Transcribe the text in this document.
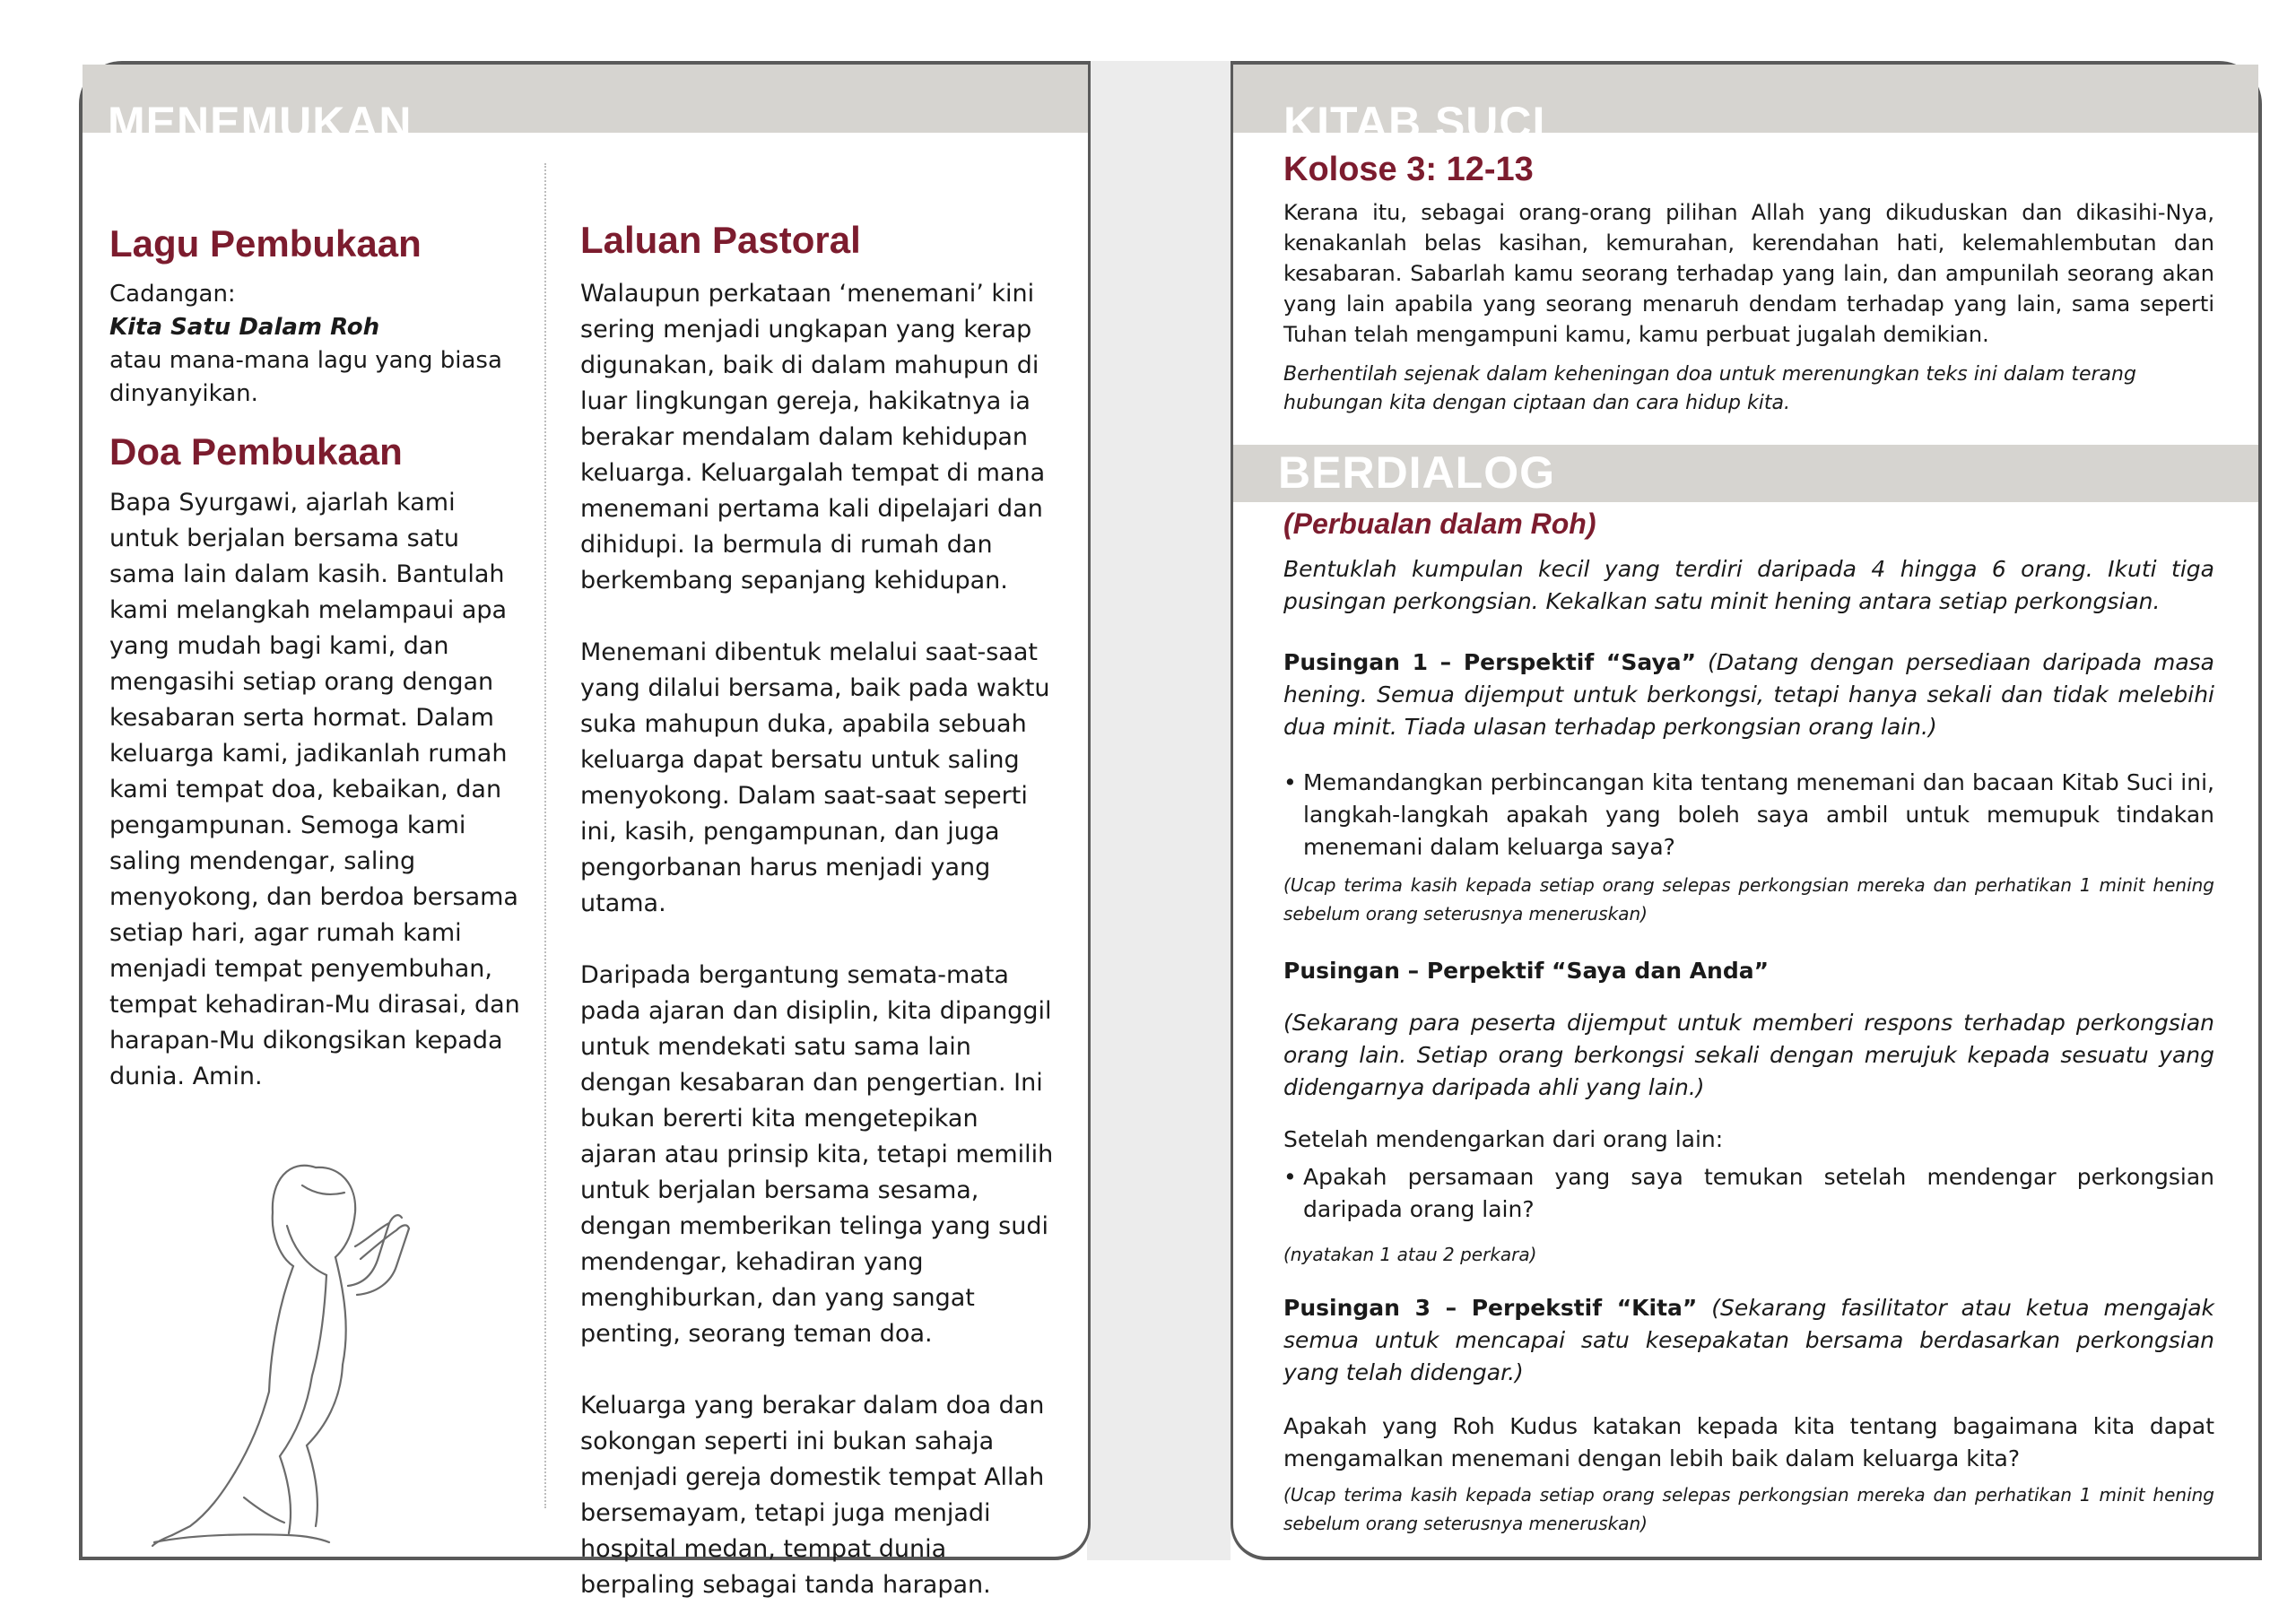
MENEMUKAN
Lagu Pembukaan
Cadangan:
Kita Satu Dalam Roh
atau mana-mana lagu yang biasa dinyanyikan.
Doa Pembukaan

Bapa Syurgawi, ajarlah kami untuk berjalan bersama satu sama lain dalam kasih. Bantulah kami melangkah melampaui apa yang mudah bagi kami, dan mengasihi setiap orang dengan kesabaran serta hormat. Dalam keluarga kami, jadikanlah rumah kami tempat doa, kebaikan, dan pengampunan. Semoga kami saling mendengar, saling menyokong, dan berdoa bersama setiap hari, agar rumah kami menjadi tempat penyembuhan, tempat kehadiran-Mu dirasai, dan harapan-Mu dikongsikan kepada dunia. Amin.

Laluan Pastoral

Walaupun perkataan ‘menemani’ kini sering menjadi ungkapan yang kerap digunakan, baik di dalam mahupun di luar lingkungan gereja, hakikatnya ia berakar mendalam dalam kehidupan keluarga. Keluargalah tempat di mana menemani pertama kali dipelajari dan dihidupi. Ia bermula di rumah dan berkembang sepanjang kehidupan.

Menemani dibentuk melalui saat-saat yang dilalui bersama, baik pada waktu suka mahupun duka, apabila sebuah keluarga dapat bersatu untuk saling menyokong. Dalam saat-saat seperti ini, kasih, pengampunan, dan juga pengorbanan harus menjadi yang utama.

Daripada bergantung semata-mata pada ajaran dan disiplin, kita dipanggil untuk mendekati satu sama lain dengan kesabaran dan pengertian. Ini bukan bererti kita mengetepikan ajaran atau prinsip kita, tetapi memilih untuk berjalan bersama sesama, dengan memberikan telinga yang sudi mendengar, kehadiran yang menghiburkan, dan yang sangat penting, seorang teman doa.

Keluarga yang berakar dalam doa dan sokongan seperti ini bukan sahaja menjadi gereja domestik tempat Allah bersemayam, tetapi juga menjadi hospital medan, tempat dunia berpaling sebagai tanda harapan.

KITAB SUCI
Kolose 3: 12-13

Kerana itu, sebagai orang-orang pilihan Allah yang dikuduskan dan dikasihi-Nya, kenakanlah belas kasihan, kemurahan, kerendahan hati, kelemahlembutan dan kesabaran. Sabarlah kamu seorang terhadap yang lain, dan ampunilah seorang akan yang lain apabila yang seorang menaruh dendam terhadap yang lain, sama seperti Tuhan telah mengampuni kamu, kamu perbuat jugalah demikian.

Berhentilah sejenak dalam keheningan doa untuk merenungkan teks ini dalam terang hubungan kita dengan ciptaan dan cara hidup kita.

BERDIALOG
(Perbualan dalam Roh)

Bentuklah kumpulan kecil yang terdiri daripada 4 hingga 6 orang. Ikuti tiga pusingan perkongsian. Kekalkan satu minit hening antara setiap perkongsian.

Pusingan 1 – Perspektif “Saya” (Datang dengan persediaan daripada masa hening. Semua dijemput untuk berkongsi, tetapi hanya sekali dan tidak melebihi dua minit. Tiada ulasan terhadap perkongsian orang lain.)

• Memandangkan perbincangan kita tentang menemani dan bacaan Kitab Suci ini, langkah-langkah apakah yang boleh saya ambil untuk memupuk tindakan menemani dalam keluarga saya?

(Ucap terima kasih kepada setiap orang selepas perkongsian mereka dan perhatikan 1 minit hening sebelum orang seterusnya meneruskan)

Pusingan – Perpektif “Saya dan Anda”

(Sekarang para peserta dijemput untuk memberi respons terhadap perkongsian orang lain. Setiap orang berkongsi sekali dengan merujuk kepada sesuatu yang didengarnya daripada ahli yang lain.)

Setelah mendengarkan dari orang lain:

• Apakah persamaan yang saya temukan setelah mendengar perkongsian daripada orang lain?

(nyatakan 1 atau 2 perkara)

Pusingan 3 – Perpekstif “Kita” (Sekarang fasilitator atau ketua mengajak semua untuk mencapai satu kesepakatan bersama berdasarkan perkongsian yang telah didengar.)

Apakah yang Roh Kudus katakan kepada kita tentang bagaimana kita dapat mengamalkan menemani dengan lebih baik dalam keluarga kita?

(Ucap terima kasih kepada setiap orang selepas perkongsian mereka dan perhatikan 1 minit hening sebelum orang seterusnya meneruskan)
